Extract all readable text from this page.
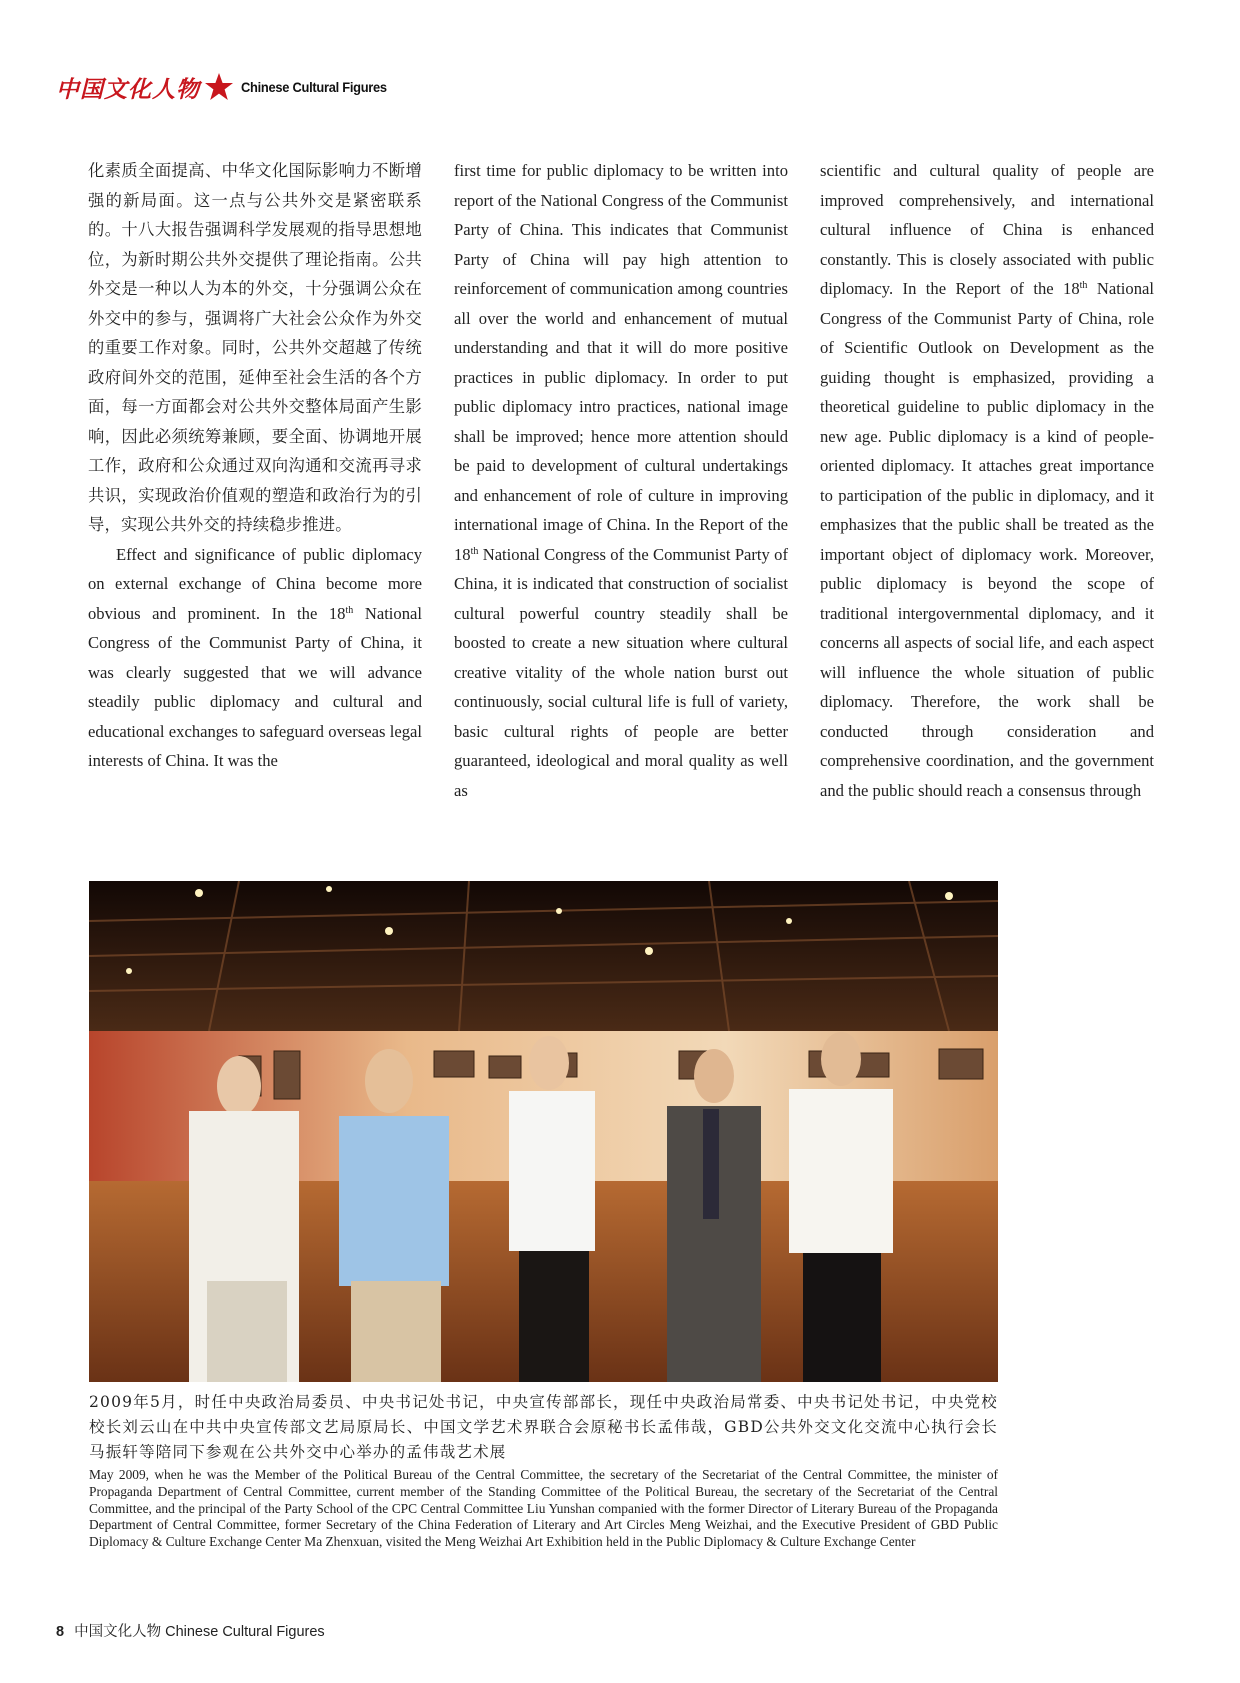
中国文化人物	Chinese Cultural Figures

化素质全面提高、中华文化国际影响力不断增强的新局面。这一点与公共外交是紧密联系的。十八大报告强调科学发展观的指导思想地位，为新时期公共外交提供了理论指南。公共外交是一种以人为本的外交，十分强调公众在外交中的参与，强调将广大社会公众作为外交的重要工作对象。同时，公共外交超越了传统政府间外交的范围，延伸至社会生活的各个方面，每一方面都会对公共外交整体局面产生影响，因此必须统筹兼顾，要全面、协调地开展工作，政府和公众通过双向沟通和交流再寻求共识，实现政治价值观的塑造和政治行为的引导，实现公共外交的持续稳步推进。

Effect and significance of public diplomacy on external exchange of China become more obvious and prominent. In the 18th National Congress of the Communist Party of China, it was clearly suggested that we will advance steadily public diplomacy and cultural and educational exchanges to safeguard overseas legal interests of China. It was the

first time for public diplomacy to be written into report of the National Congress of the Communist Party of China. This indicates that Communist Party of China will pay high attention to reinforcement of communication among countries all over the world and enhancement of mutual understanding and that it will do more positive practices in public diplomacy. In order to put public diplomacy intro practices, national image shall be improved; hence more attention should be paid to development of cultural undertakings and enhancement of role of culture in improving international image of China. In the Report of the 18th National Congress of the Communist Party of China, it is indicated that construction of socialist cultural powerful country steadily shall be boosted to create a new situation where cultural creative vitality of the whole nation burst out continuously, social cultural life is full of variety, basic cultural rights of people are better guaranteed, ideological and moral quality as well as

scientific and cultural quality of people are improved comprehensively, and international cultural influence of China is enhanced constantly. This is closely associated with public diplomacy. In the Report of the 18th National Congress of the Communist Party of China, role of Scientific Outlook on Development as the guiding thought is emphasized, providing a theoretical guideline to public diplomacy in the new age. Public diplomacy is a kind of people-oriented diplomacy. It attaches great importance to participation of the public in diplomacy, and it emphasizes that the public shall be treated as the important object of diplomacy work. Moreover, public diplomacy is beyond the scope of traditional intergovernmental diplomacy, and it concerns all aspects of social life, and each aspect will influence the whole situation of public diplomacy. Therefore, the work shall be conducted through consideration and comprehensive coordination, and the government and the public should reach a consensus through

2009年5月，时任中央政治局委员、中央书记处书记，中央宣传部部长，现任中央政治局常委、中央书记处书记，中央党校校长刘云山在中共中央宣传部文艺局原局长、中国文学艺术界联合会原秘书长孟伟哉，GBD公共外交文化交流中心执行会长马振轩等陪同下参观在公共外交中心举办的孟伟哉艺术展
May 2009, when he was the Member of the Political Bureau of the Central Committee, the secretary of the Secretariat of the Central Committee, the minister of Propaganda Department of Central Committee, current member of the Standing Committee of the Political Bureau, the secretary of the Secretariat of the Central Committee, and the principal of the Party School of the CPC Central Committee Liu Yunshan companied with the former Director of Literary Bureau of the Propaganda Department of Central Committee, former Secretary of the China Federation of Literary and Art Circles Meng Weizhai, and the Executive President of GBD Public Diplomacy & Culture Exchange Center Ma Zhenxuan, visited the Meng Weizhai Art Exhibition held in the Public Diplomacy & Culture Exchange Center
8 中国文化人物 Chinese Cultural Figures
